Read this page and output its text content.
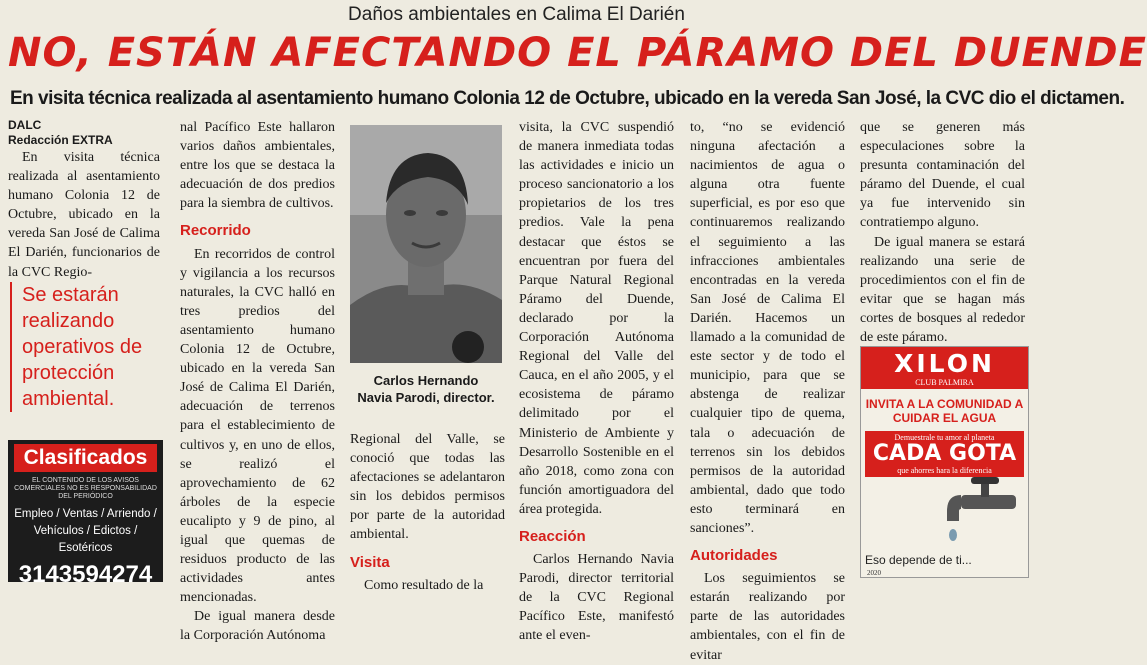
Daños ambientales en Calima El Darién
NO, ESTÁN AFECTANDO EL PÁRAMO DEL DUENDE
En visita técnica realizada al asentamiento humano Colonia 12 de Octubre, ubicado en la vereda San José, la CVC dio el dictamen.
DALC
Redacción EXTRA

En visita técnica realizada al asentamiento humano Colonia 12 de Octubre, ubicado en la vereda San José de Calima El Darién, funcionarios de la CVC Regio-

Se estarán realizando operativos de protección ambiental.
Clasificados
EL CONTENIDO DE LOS AVISOS COMERCIALES NO ES RESPONSABILIDAD DEL PERIÓDICO
Empleo / Ventas / Arriendo /
Vehículos / Edictos / Esotéricos
3143594274

nal Pacífico Este hallaron varios daños ambientales, entre los que se destaca la adecuación de dos predios para la siembra de cultivos.

Recorrido

En recorridos de control y vigilancia a los recursos naturales, la CVC halló en tres predios del asentamiento humano Colonia 12 de Octubre, ubicado en la vereda San José de Calima El Darién, adecuación de terrenos para el establecimiento de cultivos y, en uno de ellos, se realizó el aprovechamiento de 62 árboles de la especie eucalipto y 9 de pino, al igual que quemas de residuos producto de las actividades antes mencionadas.

De igual manera desde la Corporación Autónoma

Carlos Hernando
Navia Parodi, director.

Regional del Valle, se conoció que todas las afectaciones se adelantaron sin los debidos permisos por parte de la autoridad ambiental.

Visita

Como resultado de la

visita, la CVC suspendió de manera inmediata todas las actividades e inicio un proceso sancionatorio a los propietarios de los tres predios. Vale la pena destacar que éstos se encuentran por fuera del Parque Natural Regional Páramo del Duende, declarado por la Corporación Autónoma Regional del Valle del Cauca, en el año 2005, y el ecosistema de páramo delimitado por el Ministerio de Ambiente y Desarrollo Sostenible en el año 2018, como zona con función amortiguadora del área protegida.

Reacción

Carlos Hernando Navia Parodi, director territorial de la CVC Regional Pacífico Este, manifestó ante el even-

to, “no se evidenció ninguna afectación a nacimientos de agua o alguna otra fuente superficial, es por eso que continuaremos realizando el seguimiento a las infracciones ambientales encontradas en la vereda San José de Calima El Darién. Hacemos un llamado a la comunidad de este sector y de todo el municipio, para que se abstenga de realizar cualquier tipo de quema, tala o adecuación de terrenos sin los debidos permisos de la autoridad ambiental, dado que todo esto terminará en sanciones”.

Autoridades

Los seguimientos se estarán realizando por parte de las autoridades ambientales, con el fin de evitar

que se generen más especulaciones sobre la presunta contaminación del páramo del Duende, el cual ya fue intervenido sin contratiempo alguno.

De igual manera se estará realizando una serie de procedimientos con el fin de evitar que se hagan más cortes de bosques al rededor de este páramo.

XILON
CLUB PALMIRA
INVITA A LA COMUNIDAD A CUIDAR EL AGUA
Demuestrale tu amor al planeta
CADA GOTA
que ahorres hara la diferencia
Eso depende de ti...
2020
